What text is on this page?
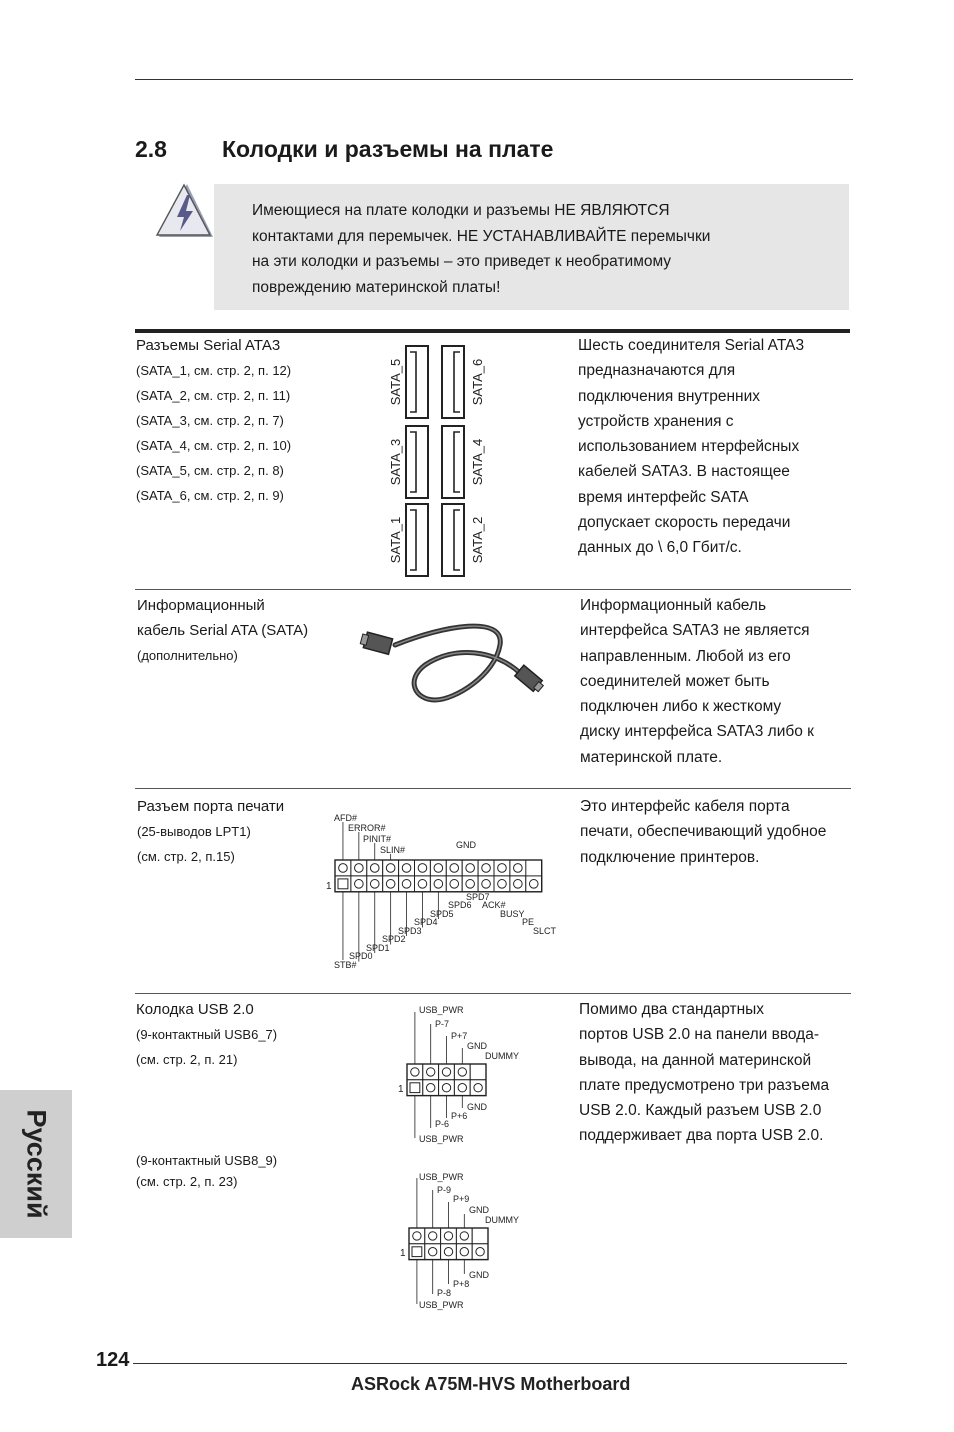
2.8 Колодки и разъемы на плате
Имеющиеся на плате колодки и разъемы НЕ ЯВЛЯЮТСЯ
контактами для перемычек. НЕ УСТАНАВЛИВАЙТЕ перемычки
на эти колодки и разъемы – это приведет к необратимому
повреждению материнской платы!
Разъемы Serial ATA3
(SATA_1, см. стр. 2, п. 12)
(SATA_2, см. стр. 2, п. 11)
(SATA_3, см. стр. 2, п. 7)
(SATA_4, см. стр. 2, п. 10)
(SATA_5, см. стр. 2, п. 8)
(SATA_6, см. стр. 2, п. 9)
SATA_5	SATA_6
SATA_3	SATA_4
SATA_1	SATA_2
Шесть соединителя Serial ATA3
предназначаются для
подключения внутренних
устройств хранения с
использованием нтерфейсных
кабелей SATA3. В настоящее
время интерфейс SATA
допускает скорость передачи
данных до \ 6,0 Гбит/с.
Информационный
кабель Serial ATA (SATA)
(дополнительно)
Информационный кабель
интерфейса SATA3 не является
направленным. Любой из его
соединителей может быть
подключен либо к жесткому
диску интерфейса SATA3 либо к
материнской плате.
Разъем порта печати
(25-выводов LPT1)
(см. стр. 2, п.15)
AFD#
ERROR#
PINIT#
SLIN#	GND
SPD7
SPD6 ACK#
SPD5	BUSY
SPD4	PE
SPD3	SLCT
SPD2
SPD1
SPD0
STB#
1
Это интерфейс кабеля порта
печати, обеспечивающий удобное
подключение принтеров.
Колодка USB 2.0
(9-контактный USB6_7)
(см. стр. 2, п. 21)
(9-контактный USB8_9)
(см. стр. 2, п. 23)
USB_PWR
P-7
P+7
GND
DUMMY
GND
P+6
P-6
USB_PWR
1
USB_PWR
P-9
P+9
GND
DUMMY
GND
P+8
P-8
USB_PWR
1
Помимо два стандартных
портов USB 2.0 на панели ввода-
вывода, на данной материнской
плате предусмотрено три разъема
USB 2.0. Каждый разъем USB 2.0
поддерживает два порта USB 2.0.
Русский
124
ASRock A75M-HVS Motherboard
